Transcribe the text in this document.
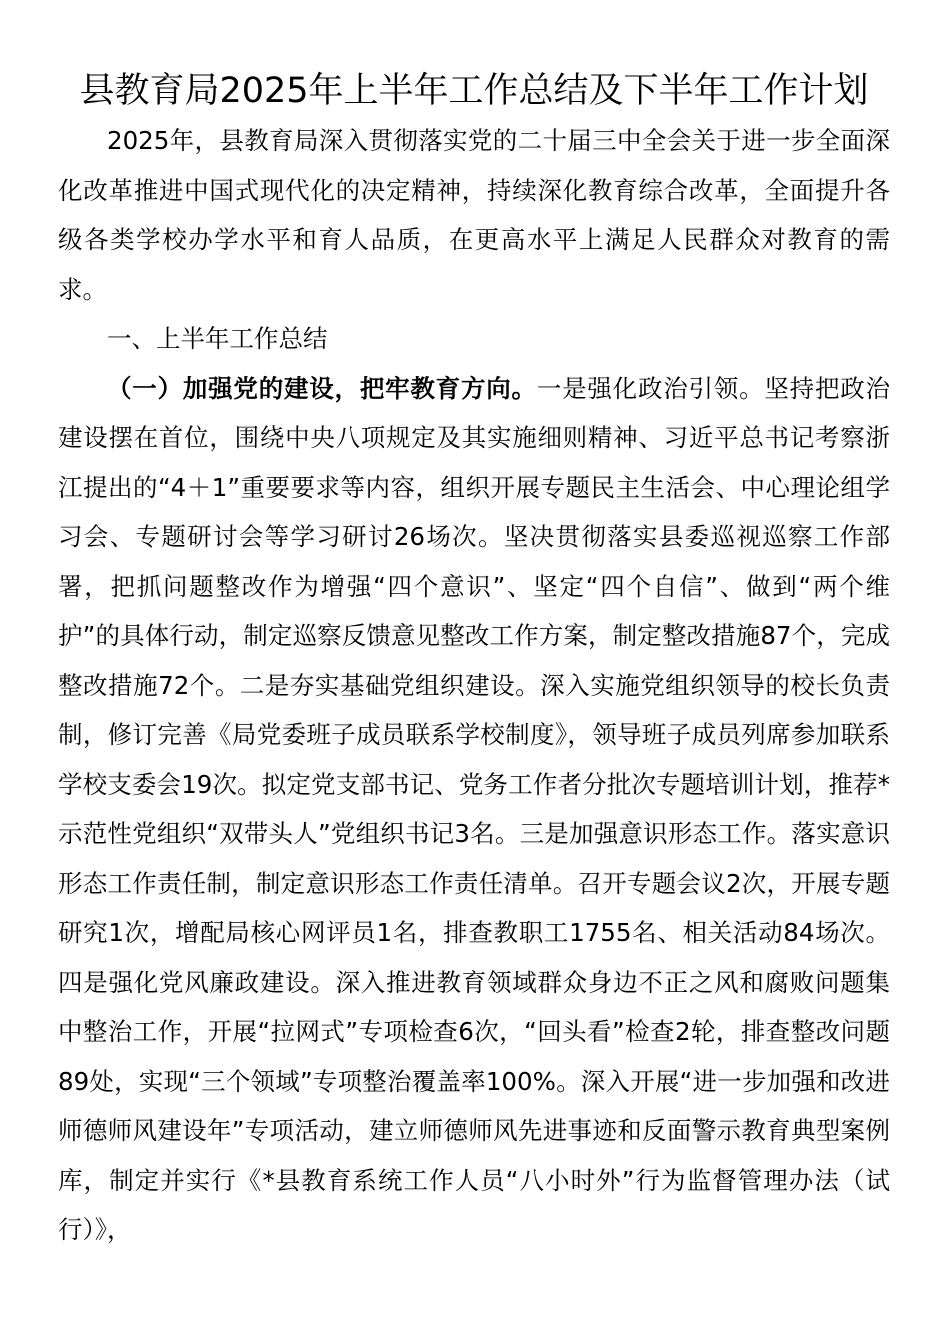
县教育局2025年上半年工作总结及下半年工作计划

2025年，县教育局深入贯彻落实党的二十届三中全会关于进一步全面深化改革推进中国式现代化的决定精神，持续深化教育综合改革，全面提升各级各类学校办学水平和育人品质，在更高水平上满足人民群众对教育的需求。

一、上半年工作总结

（一）加强党的建设，把牢教育方向。一是强化政治引领。坚持把政治建设摆在首位，围绕中央八项规定及其实施细则精神、习近平总书记考察浙江提出的“4＋1”重要要求等内容，组织开展专题民主生活会、中心理论组学习会、专题研讨会等学习研讨26场次。坚决贯彻落实县委巡视巡察工作部署，把抓问题整改作为增强“四个意识”、坚定“四个自信”、做到“两个维护”的具体行动，制定巡察反馈意见整改工作方案，制定整改措施87个，完成整改措施72个。二是夯实基础党组织建设。深入实施党组织领导的校长负责制，修订完善《局党委班子成员联系学校制度》，领导班子成员列席参加联系学校支委会19次。拟定党支部书记、党务工作者分批次专题培训计划，推荐*示范性党组织“双带头人”党组织书记3名。三是加强意识形态工作。落实意识形态工作责任制，制定意识形态工作责任清单。召开专题会议2次，开展专题研究1次，增配局核心网评员1名，排查教职工1755名、相关活动84场次。四是强化党风廉政建设。深入推进教育领域群众身边不正之风和腐败问题集中整治工作，开展“拉网式”专项检查6次，“回头看”检查2轮，排查整改问题89处，实现“三个领域”专项整治覆盖率100%。深入开展“进一步加强和改进师德师风建设年”专项活动，建立师德师风先进事迹和反面警示教育典型案例库，制定并实行《*县教育系统工作人员“八小时外”行为监督管理办法（试行）》，
